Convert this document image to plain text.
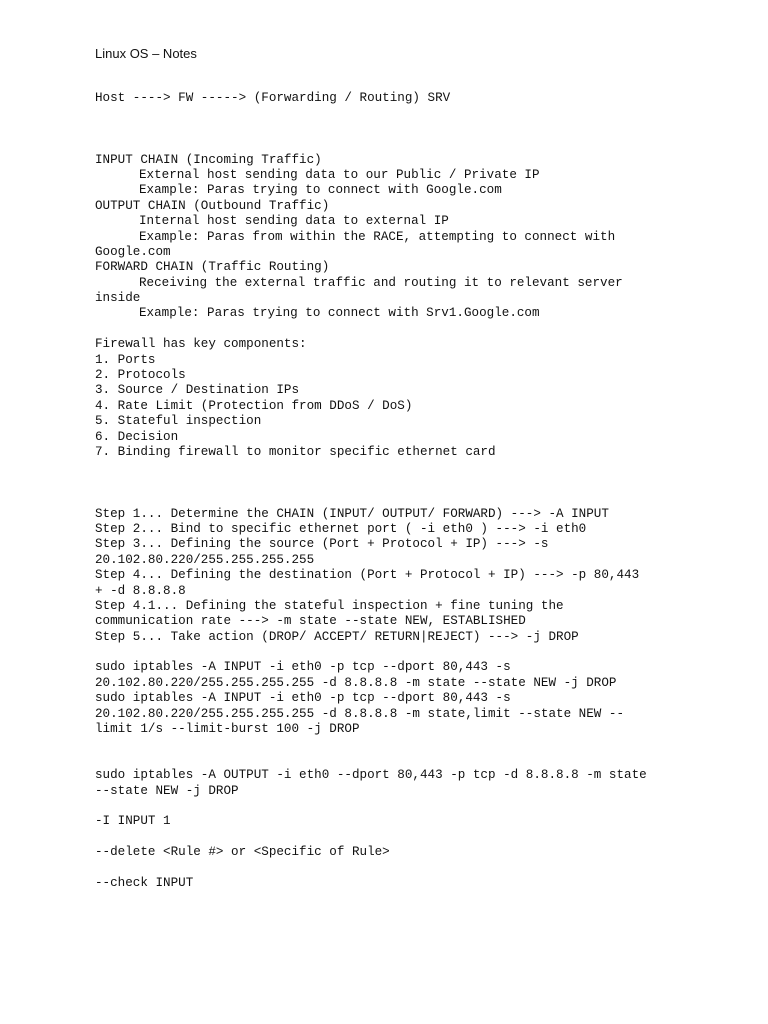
Linux OS – Notes
Host ----> FW -----> (Forwarding / Routing) SRV
INPUT CHAIN (Incoming Traffic)
External host sending data to our Public / Private IP
Example: Paras trying to connect with Google.com
OUTPUT CHAIN (Outbound Traffic)
Internal host sending data to external IP
Example: Paras from within the RACE, attempting to connect with
Google.com
FORWARD CHAIN (Traffic Routing)
Receiving the external traffic and routing it to relevant server
inside
Example: Paras trying to connect with Srv1.Google.com
Firewall has key components:
1. Ports
2. Protocols
3. Source / Destination IPs
4. Rate Limit (Protection from DDoS / DoS)
5. Stateful inspection
6. Decision
7. Binding firewall to monitor specific ethernet card
Step 1... Determine the CHAIN (INPUT/ OUTPUT/ FORWARD) ---> -A INPUT
Step 2... Bind to specific ethernet port ( -i eth0 ) ---> -i eth0
Step 3... Defining the source (Port + Protocol + IP) ---> -s
20.102.80.220/255.255.255.255
Step 4... Defining the destination (Port + Protocol + IP) ---> -p 80,443
+ -d 8.8.8.8
Step 4.1... Defining the stateful inspection + fine tuning the
communication rate ---> -m state --state NEW, ESTABLISHED
Step 5... Take action (DROP/ ACCEPT/ RETURN|REJECT) ---> -j DROP
sudo iptables -A INPUT -i eth0 -p tcp --dport 80,443 -s
20.102.80.220/255.255.255.255 -d 8.8.8.8 -m state --state NEW -j DROP
sudo iptables -A INPUT -i eth0 -p tcp --dport 80,443 -s
20.102.80.220/255.255.255.255 -d 8.8.8.8 -m state,limit --state NEW --
limit 1/s --limit-burst 100 -j DROP
sudo iptables -A OUTPUT -i eth0 --dport 80,443 -p tcp -d 8.8.8.8 -m state
--state NEW -j DROP
-I INPUT 1
--delete <Rule #> or <Specific of Rule>
--check INPUT
